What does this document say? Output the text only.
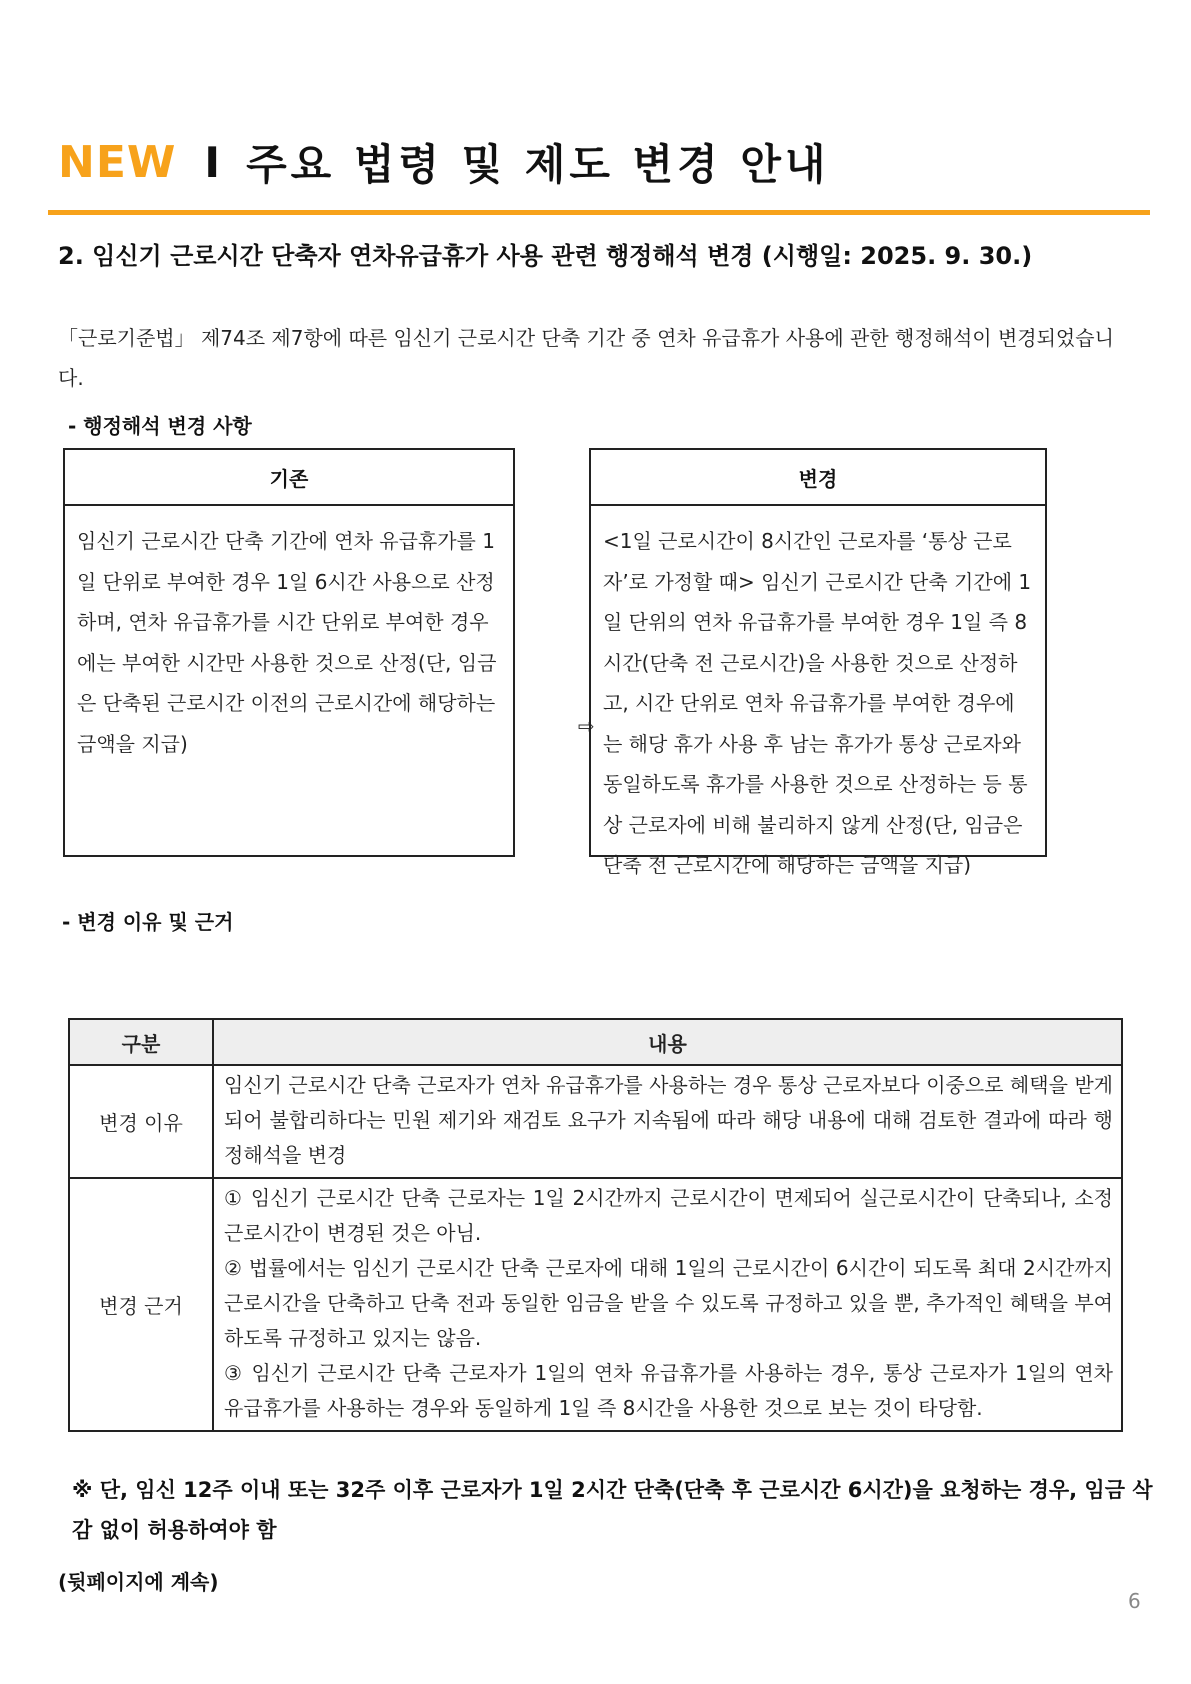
NEW I 주요 법령 및 제도 변경 안내
2. 임신기 근로시간 단축자 연차유급휴가 사용 관련 행정해석 변경 (시행일: 2025. 9. 30.)
「근로기준법」 제74조 제7항에 따른 임신기 근로시간 단축 기간 중 연차 유급휴가 사용에 관한 행정해석이 변경되었습니다.
- 행정해석 변경 사항
기존
임신기 근로시간 단축 기간에 연차 유급휴가를 1일 단위로 부여한 경우 1일 6시간 사용으로 산정하며, 연차 유급휴가를 시간 단위로 부여한 경우에는 부여한 시간만 사용한 것으로 산정(단, 임금은 단축된 근로시간 이전의 근로시간에 해당하는 금액을 지급)
⇨
변경
<1일 근로시간이 8시간인 근로자를 ‘통상 근로자’로 가정할 때> 임신기 근로시간 단축 기간에 1일 단위의 연차 유급휴가를 부여한 경우 1일 즉 8시간(단축 전 근로시간)을 사용한 것으로 산정하고, 시간 단위로 연차 유급휴가를 부여한 경우에는 해당 휴가 사용 후 남는 휴가가 통상 근로자와 동일하도록 휴가를 사용한 것으로 산정하는 등 통상 근로자에 비해 불리하지 않게 산정(단, 임금은 단축 전 근로시간에 해당하는 금액을 지급)
- 변경 이유 및 근거
구분	내용
변경 이유	임신기 근로시간 단축 근로자가 연차 유급휴가를 사용하는 경우 통상 근로자보다 이중으로 혜택을 받게 되어 불합리하다는 민원 제기와 재검토 요구가 지속됨에 따라 해당 내용에 대해 검토한 결과에 따라 행정해석을 변경
변경 근거	① 임신기 근로시간 단축 근로자는 1일 2시간까지 근로시간이 면제되어 실근로시간이 단축되나, 소정근로시간이 변경된 것은 아님.
② 법률에서는 임신기 근로시간 단축 근로자에 대해 1일의 근로시간이 6시간이 되도록 최대 2시간까지 근로시간을 단축하고 단축 전과 동일한 임금을 받을 수 있도록 규정하고 있을 뿐, 추가적인 혜택을 부여하도록 규정하고 있지는 않음.
③ 임신기 근로시간 단축 근로자가 1일의 연차 유급휴가를 사용하는 경우, 통상 근로자가 1일의 연차 유급휴가를 사용하는 경우와 동일하게 1일 즉 8시간을 사용한 것으로 보는 것이 타당함.
※ 단, 임신 12주 이내 또는 32주 이후 근로자가 1일 2시간 단축(단축 후 근로시간 6시간)을 요청하는 경우, 임금 삭감 없이 허용하여야 함
(뒷페이지에 계속)
6
